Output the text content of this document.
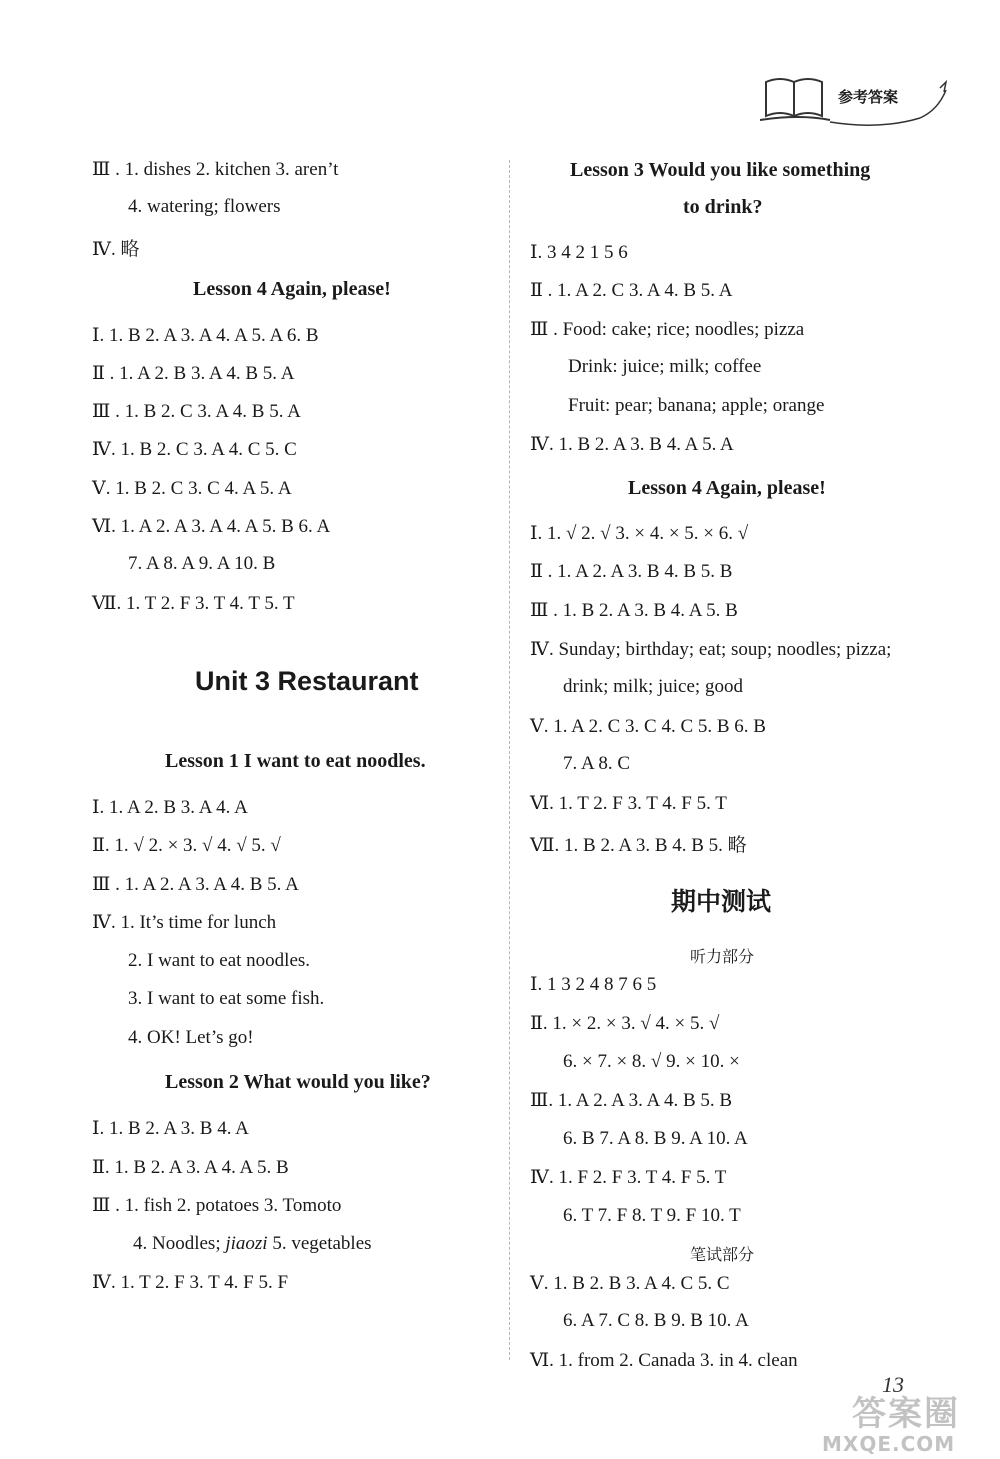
参考答案
Ⅲ . 1. dishes 2. kitchen 3. aren’t
4. watering; flowers
Ⅳ. 略
Lesson 4 Again, please!
Ⅰ. 1. B 2. A 3. A 4. A 5. A 6. B
Ⅱ . 1. A 2. B 3. A 4. B 5. A
Ⅲ . 1. B 2. C 3. A 4. B 5. A
Ⅳ. 1. B 2. C 3. A 4. C 5. C
Ⅴ. 1. B 2. C 3. C 4. A 5. A
Ⅵ. 1. A 2. A 3. A 4. A 5. B 6. A
7. A 8. A 9. A 10. B
Ⅶ. 1. T 2. F 3. T 4. T 5. T
Unit 3 Restaurant
Lesson 1 I want to eat noodles.
Ⅰ. 1. A 2. B 3. A 4. A
Ⅱ. 1. √ 2. × 3. √ 4. √ 5. √
Ⅲ . 1. A 2. A 3. A 4. B 5. A
Ⅳ. 1. It’s time for lunch
2. I want to eat noodles.
3. I want to eat some fish.
4. OK! Let’s go!
Lesson 2 What would you like?
Ⅰ. 1. B 2. A 3. B 4. A
Ⅱ. 1. B 2. A 3. A 4. A 5. B
Ⅲ . 1. fish 2. potatoes 3. Tomoto
4. Noodles; jiaozi 5. vegetables
Ⅳ. 1. T 2. F 3. T 4. F 5. F
Lesson 3 Would you like something
to drink?
Ⅰ. 3 4 2 1 5 6
Ⅱ . 1. A 2. C 3. A 4. B 5. A
Ⅲ . Food: cake; rice; noodles; pizza
Drink: juice; milk; coffee
Fruit: pear; banana; apple; orange
Ⅳ. 1. B 2. A 3. B 4. A 5. A
Lesson 4 Again, please!
Ⅰ. 1. √ 2. √ 3. × 4. × 5. × 6. √
Ⅱ . 1. A 2. A 3. B 4. B 5. B
Ⅲ . 1. B 2. A 3. B 4. A 5. B
Ⅳ. Sunday; birthday; eat; soup; noodles; pizza;
drink; milk; juice; good
Ⅴ. 1. A 2. C 3. C 4. C 5. B 6. B
7. A 8. C
Ⅵ. 1. T 2. F 3. T 4. F 5. T
Ⅶ. 1. B 2. A 3. B 4. B 5. 略
期中测试
听力部分
Ⅰ. 1 3 2 4 8 7 6 5
Ⅱ. 1. × 2. × 3. √ 4. × 5. √
6. × 7. × 8. √ 9. × 10. ×
Ⅲ. 1. A 2. A 3. A 4. B 5. B
6. B 7. A 8. B 9. A 10. A
Ⅳ. 1. F 2. F 3. T 4. F 5. T
6. T 7. F 8. T 9. F 10. T
笔试部分
Ⅴ. 1. B 2. B 3. A 4. C 5. C
6. A 7. C 8. B 9. B 10. A
Ⅵ. 1. from 2. Canada 3. in 4. clean
13
答案圈
MXQE.COM
